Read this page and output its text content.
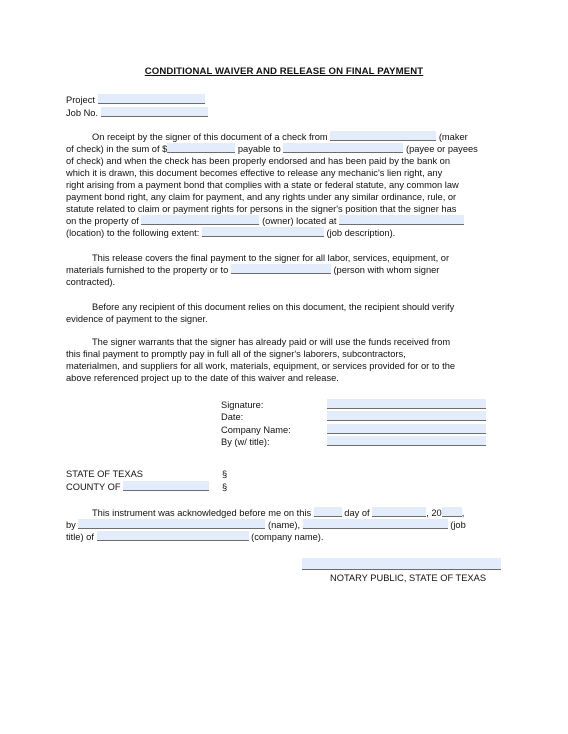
CONDITIONAL WAIVER AND RELEASE ON FINAL PAYMENT
Project
Job No.
On receipt by the signer of this document of a check from	(maker
of check) in the sum of $	payable to	(payee or payees
of check) and when the check has been properly endorsed and has been paid by the bank on
which it is drawn, this document becomes effective to release any mechanic's lien right, any
right arising from a payment bond that complies with a state or federal statute, any common law
payment bond right, any claim for payment, and any rights under any similar ordinance, rule, or
statute related to claim or payment rights for persons in the signer's position that the signer has
on the property of	(owner) located at
(location) to the following extent:	(job description).
This release covers the final payment to the signer for all labor, services, equipment, or
materials furnished to the property or to	(person with whom signer
contracted).
Before any recipient of this document relies on this document, the recipient should verify
evidence of payment to the signer.
The signer warrants that the signer has already paid or will use the funds received from
this final payment to promptly pay in full all of the signer's laborers, subcontractors,
materialmen, and suppliers for all work, materials, equipment, or services provided for or to the
above referenced project up to the date of this waiver and release.
Signature:
Date:
Company Name:
By (w/ title):
STATE OF TEXAS	§
COUNTY OF	§
This instrument was acknowledged before me on this	day of	, 20 ,
by	(name),	(job
title) of	(company name).
NOTARY PUBLIC, STATE OF TEXAS
